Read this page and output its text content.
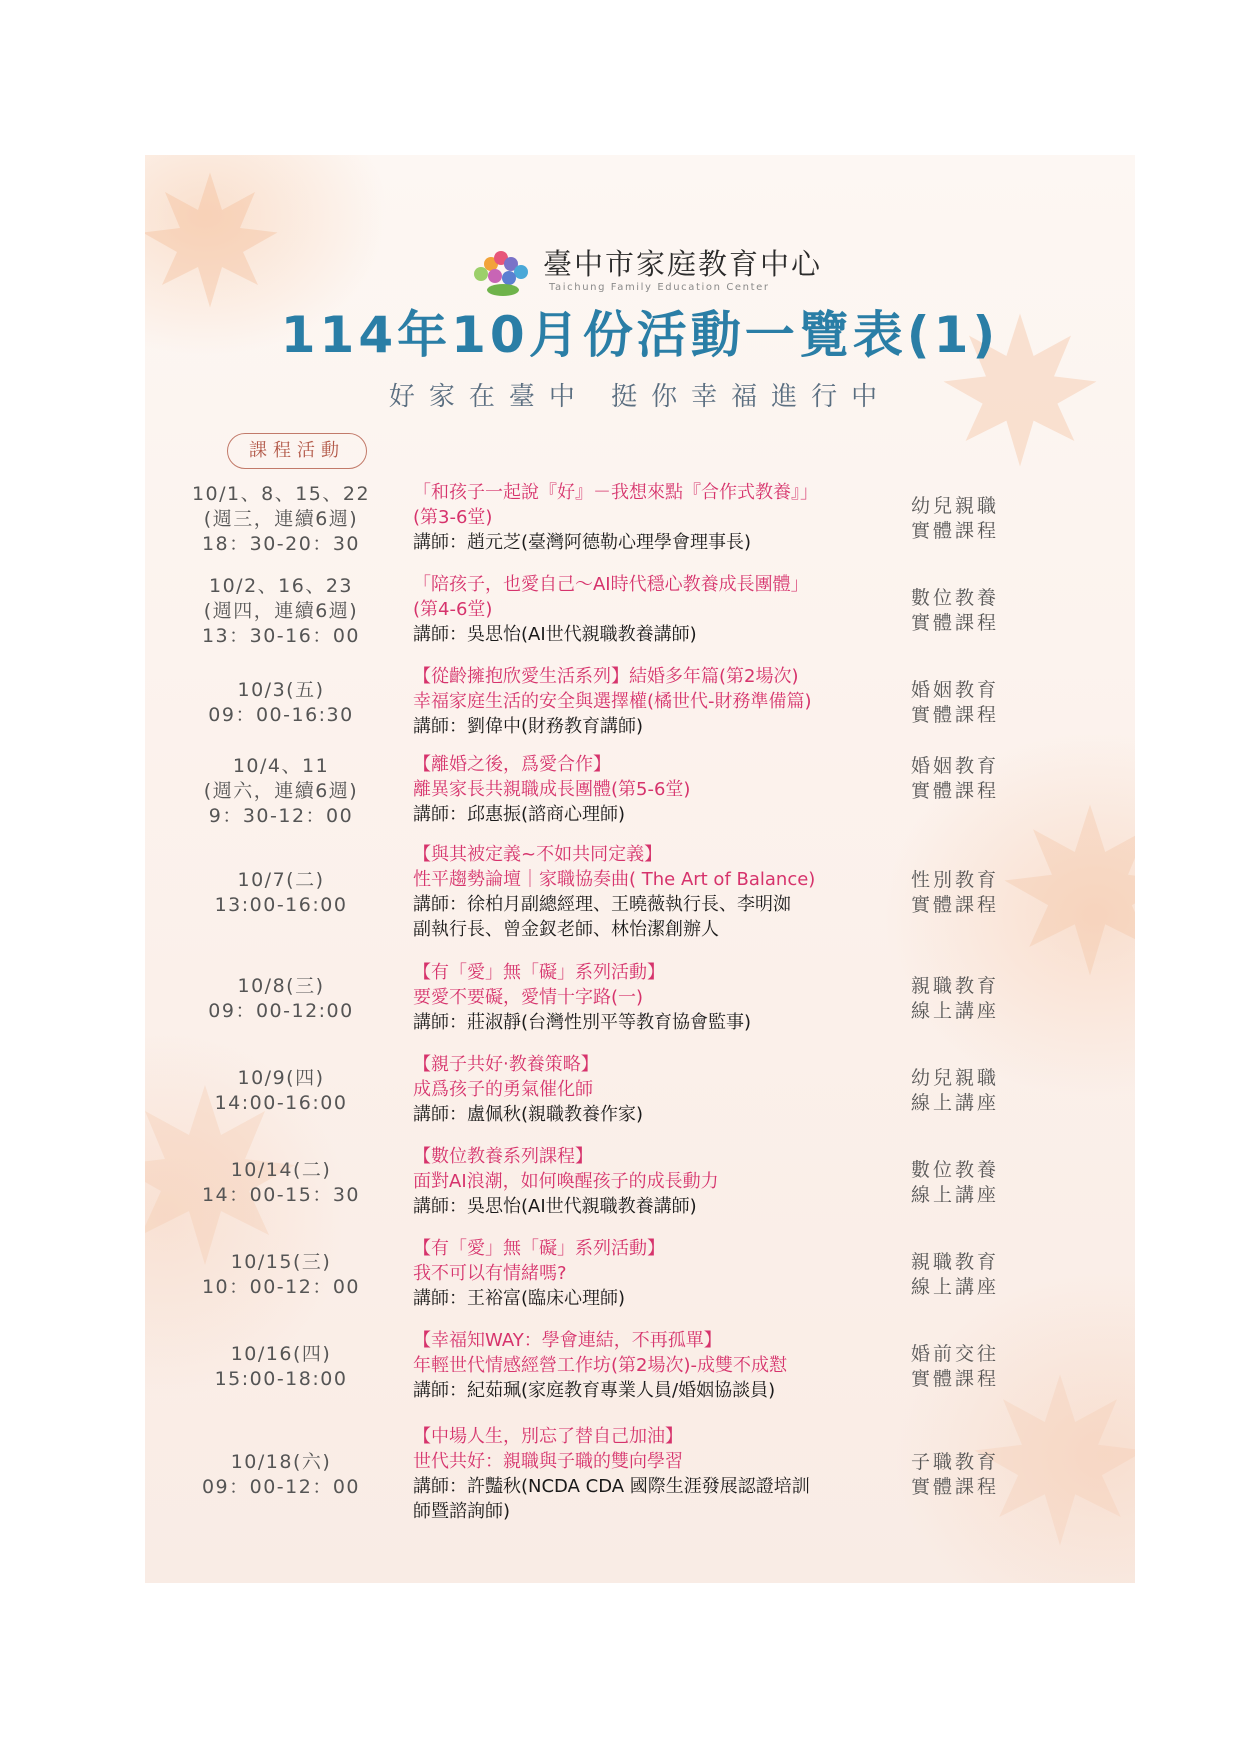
臺中市家庭教育中心
Taichung Family Education Center
114年10月份活動一覽表(1)
好家在臺中 挺你幸福進行中
課程活動
10/1、8、15、22
(週三，連續6週)
18：30-20：30
「和孩子一起說『好』－我想來點『合作式教養』」
(第3-6堂)
講師：趙元芝(臺灣阿德勒心理學會理事長)
幼兒親職
實體課程
10/2、16、23
(週四，連續6週)
13：30-16：00
「陪孩子，也愛自己～AI時代穩心教養成長團體」
(第4-6堂)
講師：吳思怡(AI世代親職教養講師)
數位教養
實體課程
10/3(五)
09：00-16:30
【從齡擁抱欣愛生活系列】結婚多年篇(第2場次)
幸福家庭生活的安全與選擇權(橘世代-財務準備篇)
講師：劉偉中(財務教育講師)
婚姻教育
實體課程
10/4、11
(週六，連續6週)
9：30-12：00
【離婚之後，爲愛合作】
離異家長共親職成長團體(第5-6堂)
講師：邱惠振(諮商心理師)
婚姻教育
實體課程
10/7(二)
13:00-16:00
【與其被定義~不如共同定義】
性平趨勢論壇｜家職協奏曲( The Art of Balance)
講師：徐柏月副總經理、王曉薇執行長、李明洳
副執行長、曾金釵老師、林怡潔創辦人
性別教育
實體課程
10/8(三)
09：00-12:00
【有「愛」無「礙」系列活動】
要愛不要礙，愛情十字路(一)
講師：莊淑靜(台灣性別平等教育協會監事)
親職教育
線上講座
10/9(四)
14:00-16:00
【親子共好‧教養策略】
成爲孩子的勇氣催化師
講師：盧佩秋(親職教養作家)
幼兒親職
線上講座
10/14(二)
14：00-15：30
【數位教養系列課程】
面對AI浪潮，如何喚醒孩子的成長動力
講師：吳思怡(AI世代親職教養講師)
數位教養
線上講座
10/15(三)
10：00-12：00
【有「愛」無「礙」系列活動】
我不可以有情緒嗎?
講師：王裕富(臨床心理師)
親職教育
線上講座
10/16(四)
15:00-18:00
【幸福知WAY：學會連結，不再孤單】
年輕世代情感經營工作坊(第2場次)-成雙不成懟
講師：紀茹珮(家庭教育專業人員/婚姻協談員)
婚前交往
實體課程
10/18(六)
09：00-12：00
【中場人生，別忘了替自己加油】
世代共好：親職與子職的雙向學習
講師：許豔秋(NCDA CDA 國際生涯發展認證培訓
師暨諮詢師)
子職教育
實體課程
